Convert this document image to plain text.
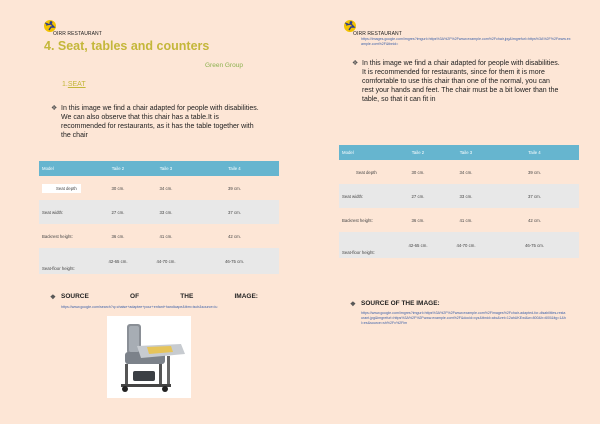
OIRR RESTAURANT
4. Seat, tables and counters
Green Group
1.SEAT
❖ In this image we find a chair adapted for people with disabilities. We can also observe that this chair has a table.It is recommended for restaurants, as it has the table together with the chair
Model	Taile 2	Taile 3	Taile 4
Seat depth	30 cm.	34 cm.	39 cm.
Seat width:	27 cm.	33 cm.	37 cm.
Backrest height:	36 cm.	41 cm.	42 cm.
Seat-floor height:	42-65 cm.	44-70 cm.	46-75 cm.
❖ SOURCE	OF	THE	IMAGE:
https://www.google.com/search?q=chaise+adaptee+pour+enfant+handicape&tbm=isch&source=iu
OIRR RESTAURANT
https://images.google.com/imgres?imgurl=https%3A%2F%2Fwww.example.com%2Fchair.jpg&imgrefurl=https%3A%2F%2Fwww.example.com%2F&tbnid=
❖ In this image we find a chair adapted for people with disabilities. It is recommended for restaurants, since for them it is more comfortable to use this chair than one of the normal, you can rest your hands and feet. The chair must be a bit lower than the table, so that it can fit in
Model	Taile 2	Taile 3	Taile 4
Seat depth	30 cm.	34 cm.	39 cm.
Seat width:	27 cm.	33 cm.	37 cm.
Backrest height:	36 cm.	41 cm.	42 cm.
Seat-floor height:	42-65 cm.	44-70 cm.	46-75 cm.
❖ SOURCE OF THE IMAGE:
https://www.google.com/imgres?imgurl=https%3A%2F%2Fwww.example.com%2Fimages%2Fchair-adapted-for-disabilities-restaurant.jpg&imgrefurl=https%3A%2F%2Fwww.example.com%2F&docid=xyz&tbnid=abc&vet=12ahUKEwi&w=800&h=600&itg=1&hl=es&source=sh%2Fx%2Fim
